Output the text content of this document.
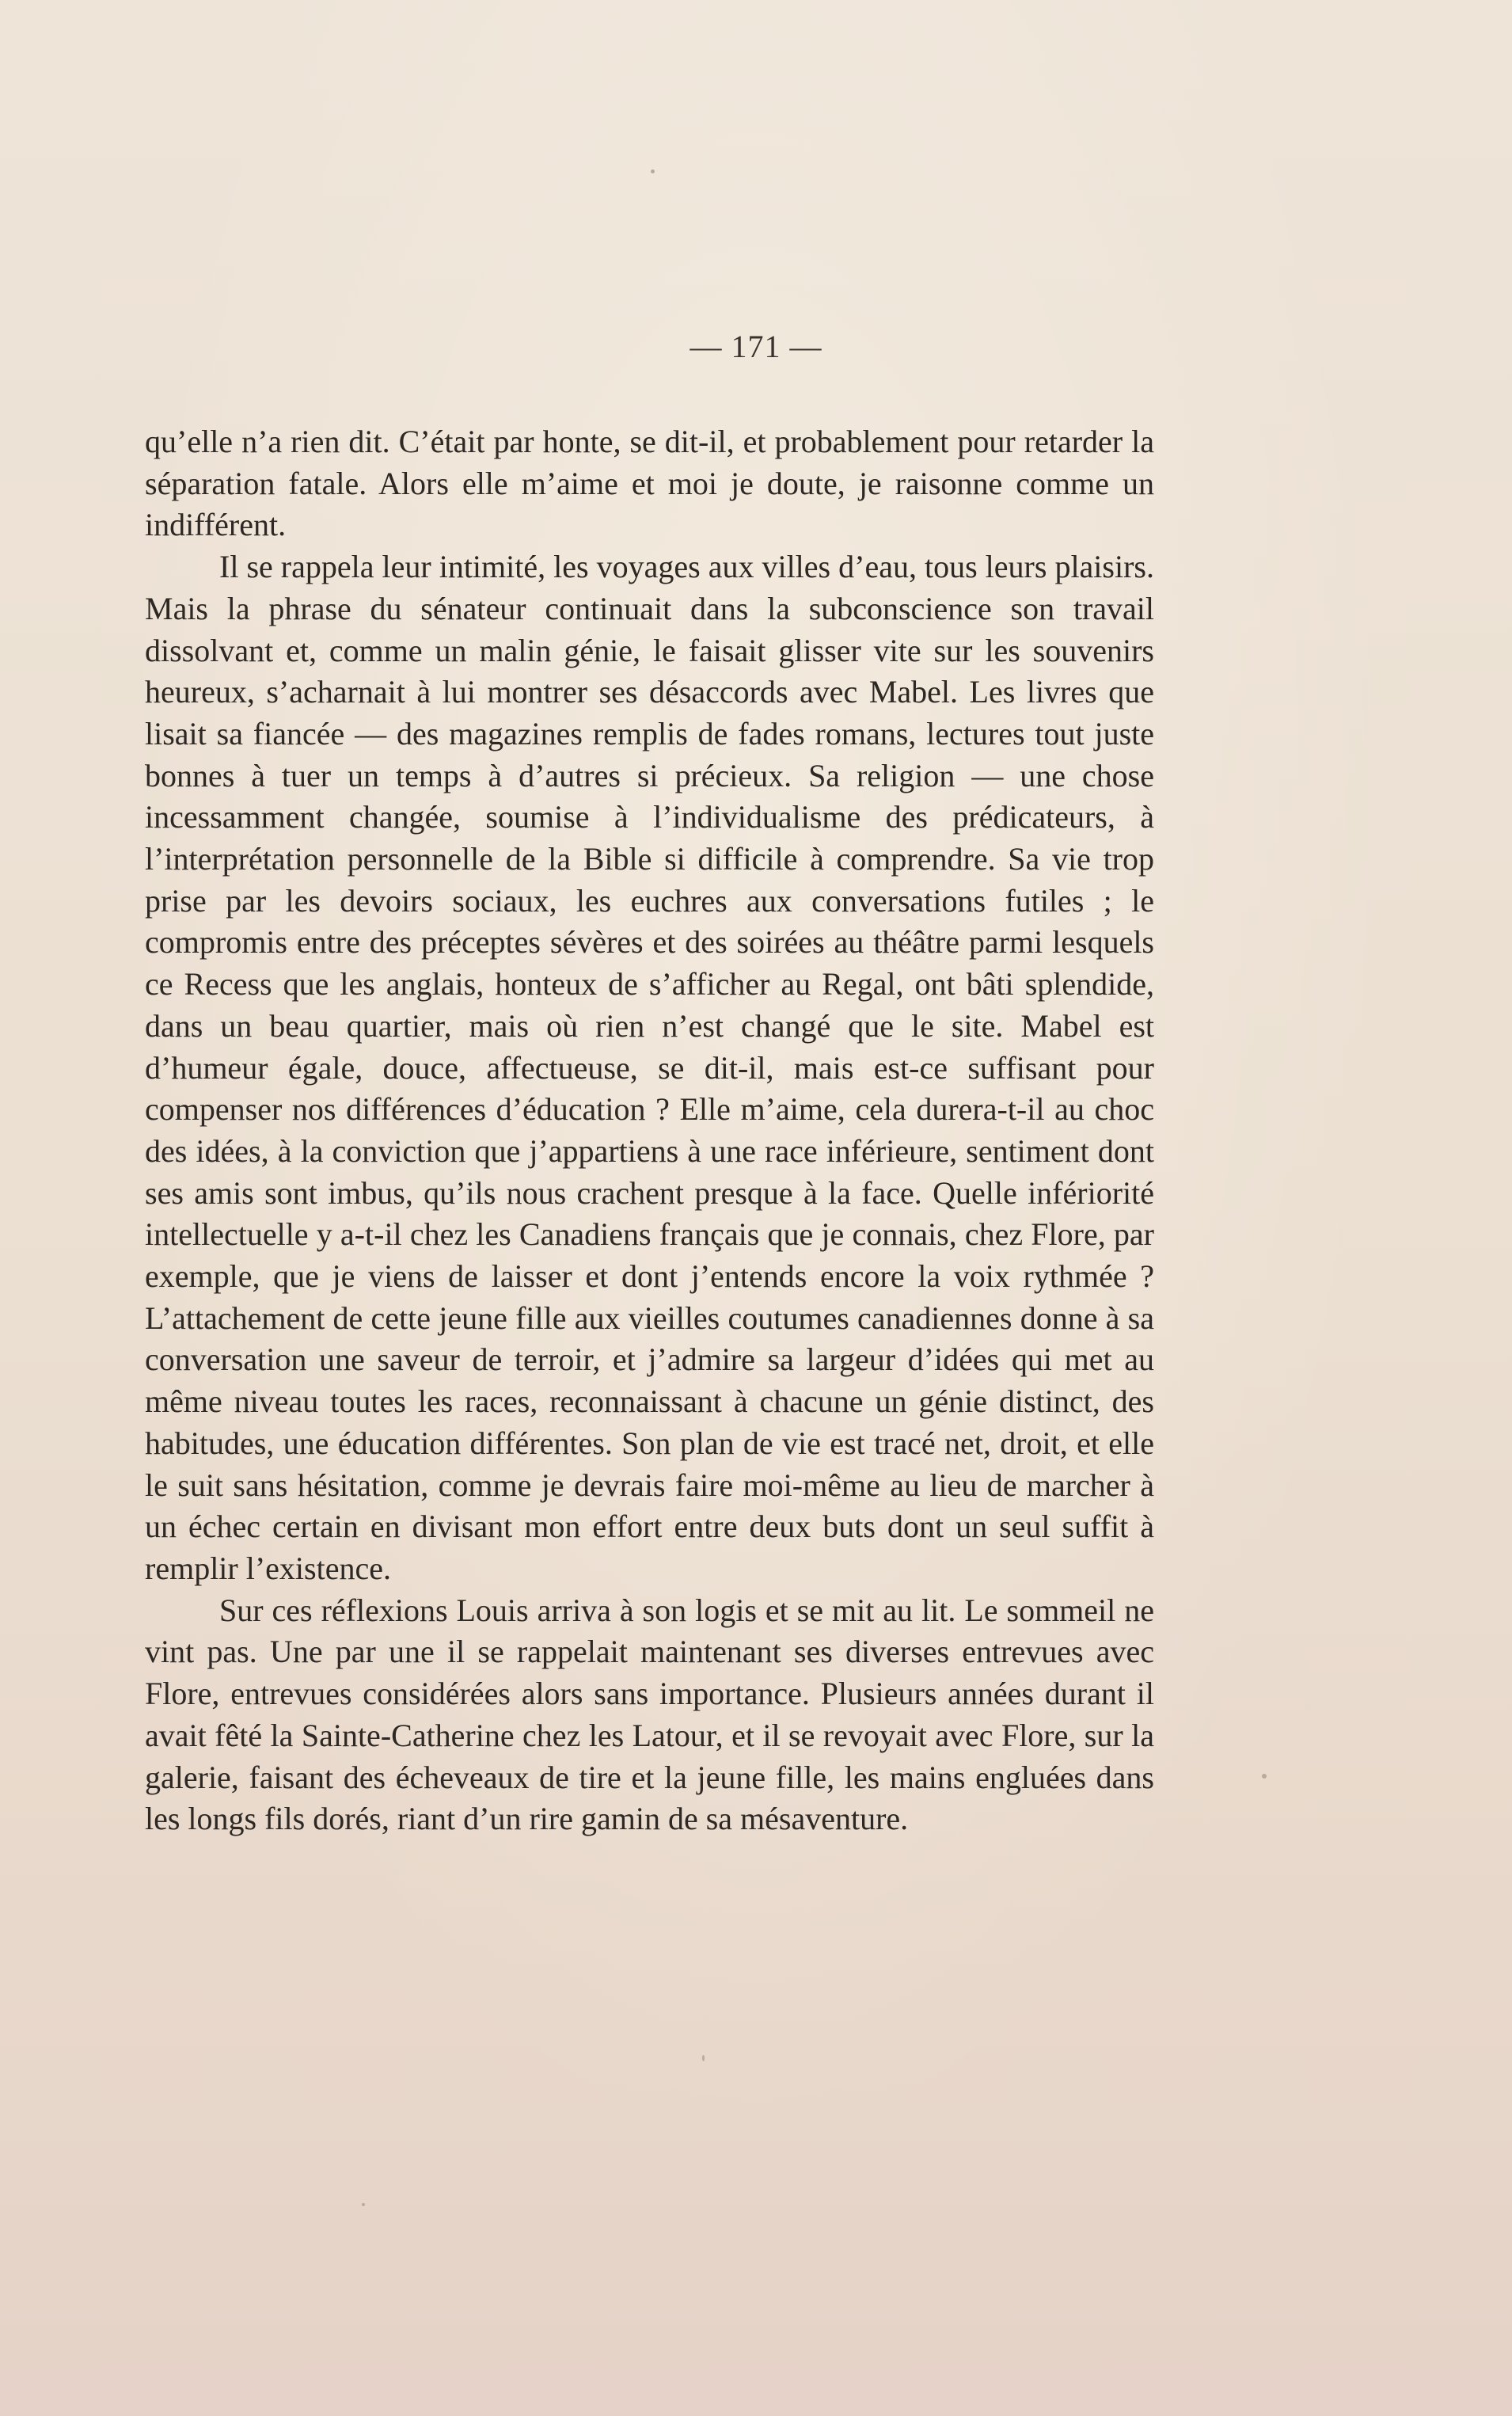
— 171 —

qu’elle n’a rien dit. C’était par honte, se dit-il, et probablement pour retarder la séparation fatale. Alors elle m’aime et moi je doute, je raisonne comme un indifférent.

Il se rappela leur intimité, les voyages aux villes d’eau, tous leurs plaisirs. Mais la phrase du sénateur continuait dans la subconscience son travail dissolvant et, comme un malin génie, le faisait glisser vite sur les souvenirs heureux, s’acharnait à lui montrer ses désaccords avec Mabel. Les livres que lisait sa fiancée — des magazines remplis de fades romans, lectures tout juste bonnes à tuer un temps à d’autres si précieux. Sa religion — une chose incessamment changée, soumise à l’individualisme des prédicateurs, à l’interprétation personnelle de la Bible si difficile à comprendre. Sa vie trop prise par les devoirs sociaux, les euchres aux conversations futiles ; le compromis entre des préceptes sévères et des soirées au théâtre parmi lesquels ce Recess que les anglais, honteux de s’afficher au Regal, ont bâti splendide, dans un beau quartier, mais où rien n’est changé que le site. Mabel est d’humeur égale, douce, affectueuse, se dit-il, mais est-ce suffisant pour compenser nos différences d’éducation ? Elle m’aime, cela durera-t-il au choc des idées, à la conviction que j’appartiens à une race inférieure, sentiment dont ses amis sont imbus, qu’ils nous crachent presque à la face. Quelle infériorité intellectuelle y a-t-il chez les Canadiens français que je connais, chez Flore, par exemple, que je viens de laisser et dont j’entends encore la voix rythmée ? L’attachement de cette jeune fille aux vieilles coutumes canadiennes donne à sa conversation une saveur de terroir, et j’admire sa largeur d’idées qui met au même niveau toutes les races, reconnaissant à chacune un génie distinct, des habitudes, une éducation différentes. Son plan de vie est tracé net, droit, et elle le suit sans hésitation, comme je devrais faire moi-même au lieu de marcher à un échec certain en divisant mon effort entre deux buts dont un seul suffit à remplir l’existence.

Sur ces réflexions Louis arriva à son logis et se mit au lit. Le sommeil ne vint pas. Une par une il se rappelait maintenant ses diverses entrevues avec Flore, entrevues considérées alors sans importance. Plusieurs années durant il avait fêté la Sainte-Catherine chez les Latour, et il se revoyait avec Flore, sur la galerie, faisant des écheveaux de tire et la jeune fille, les mains engluées dans les longs fils dorés, riant d’un rire gamin de sa mésaventure.
